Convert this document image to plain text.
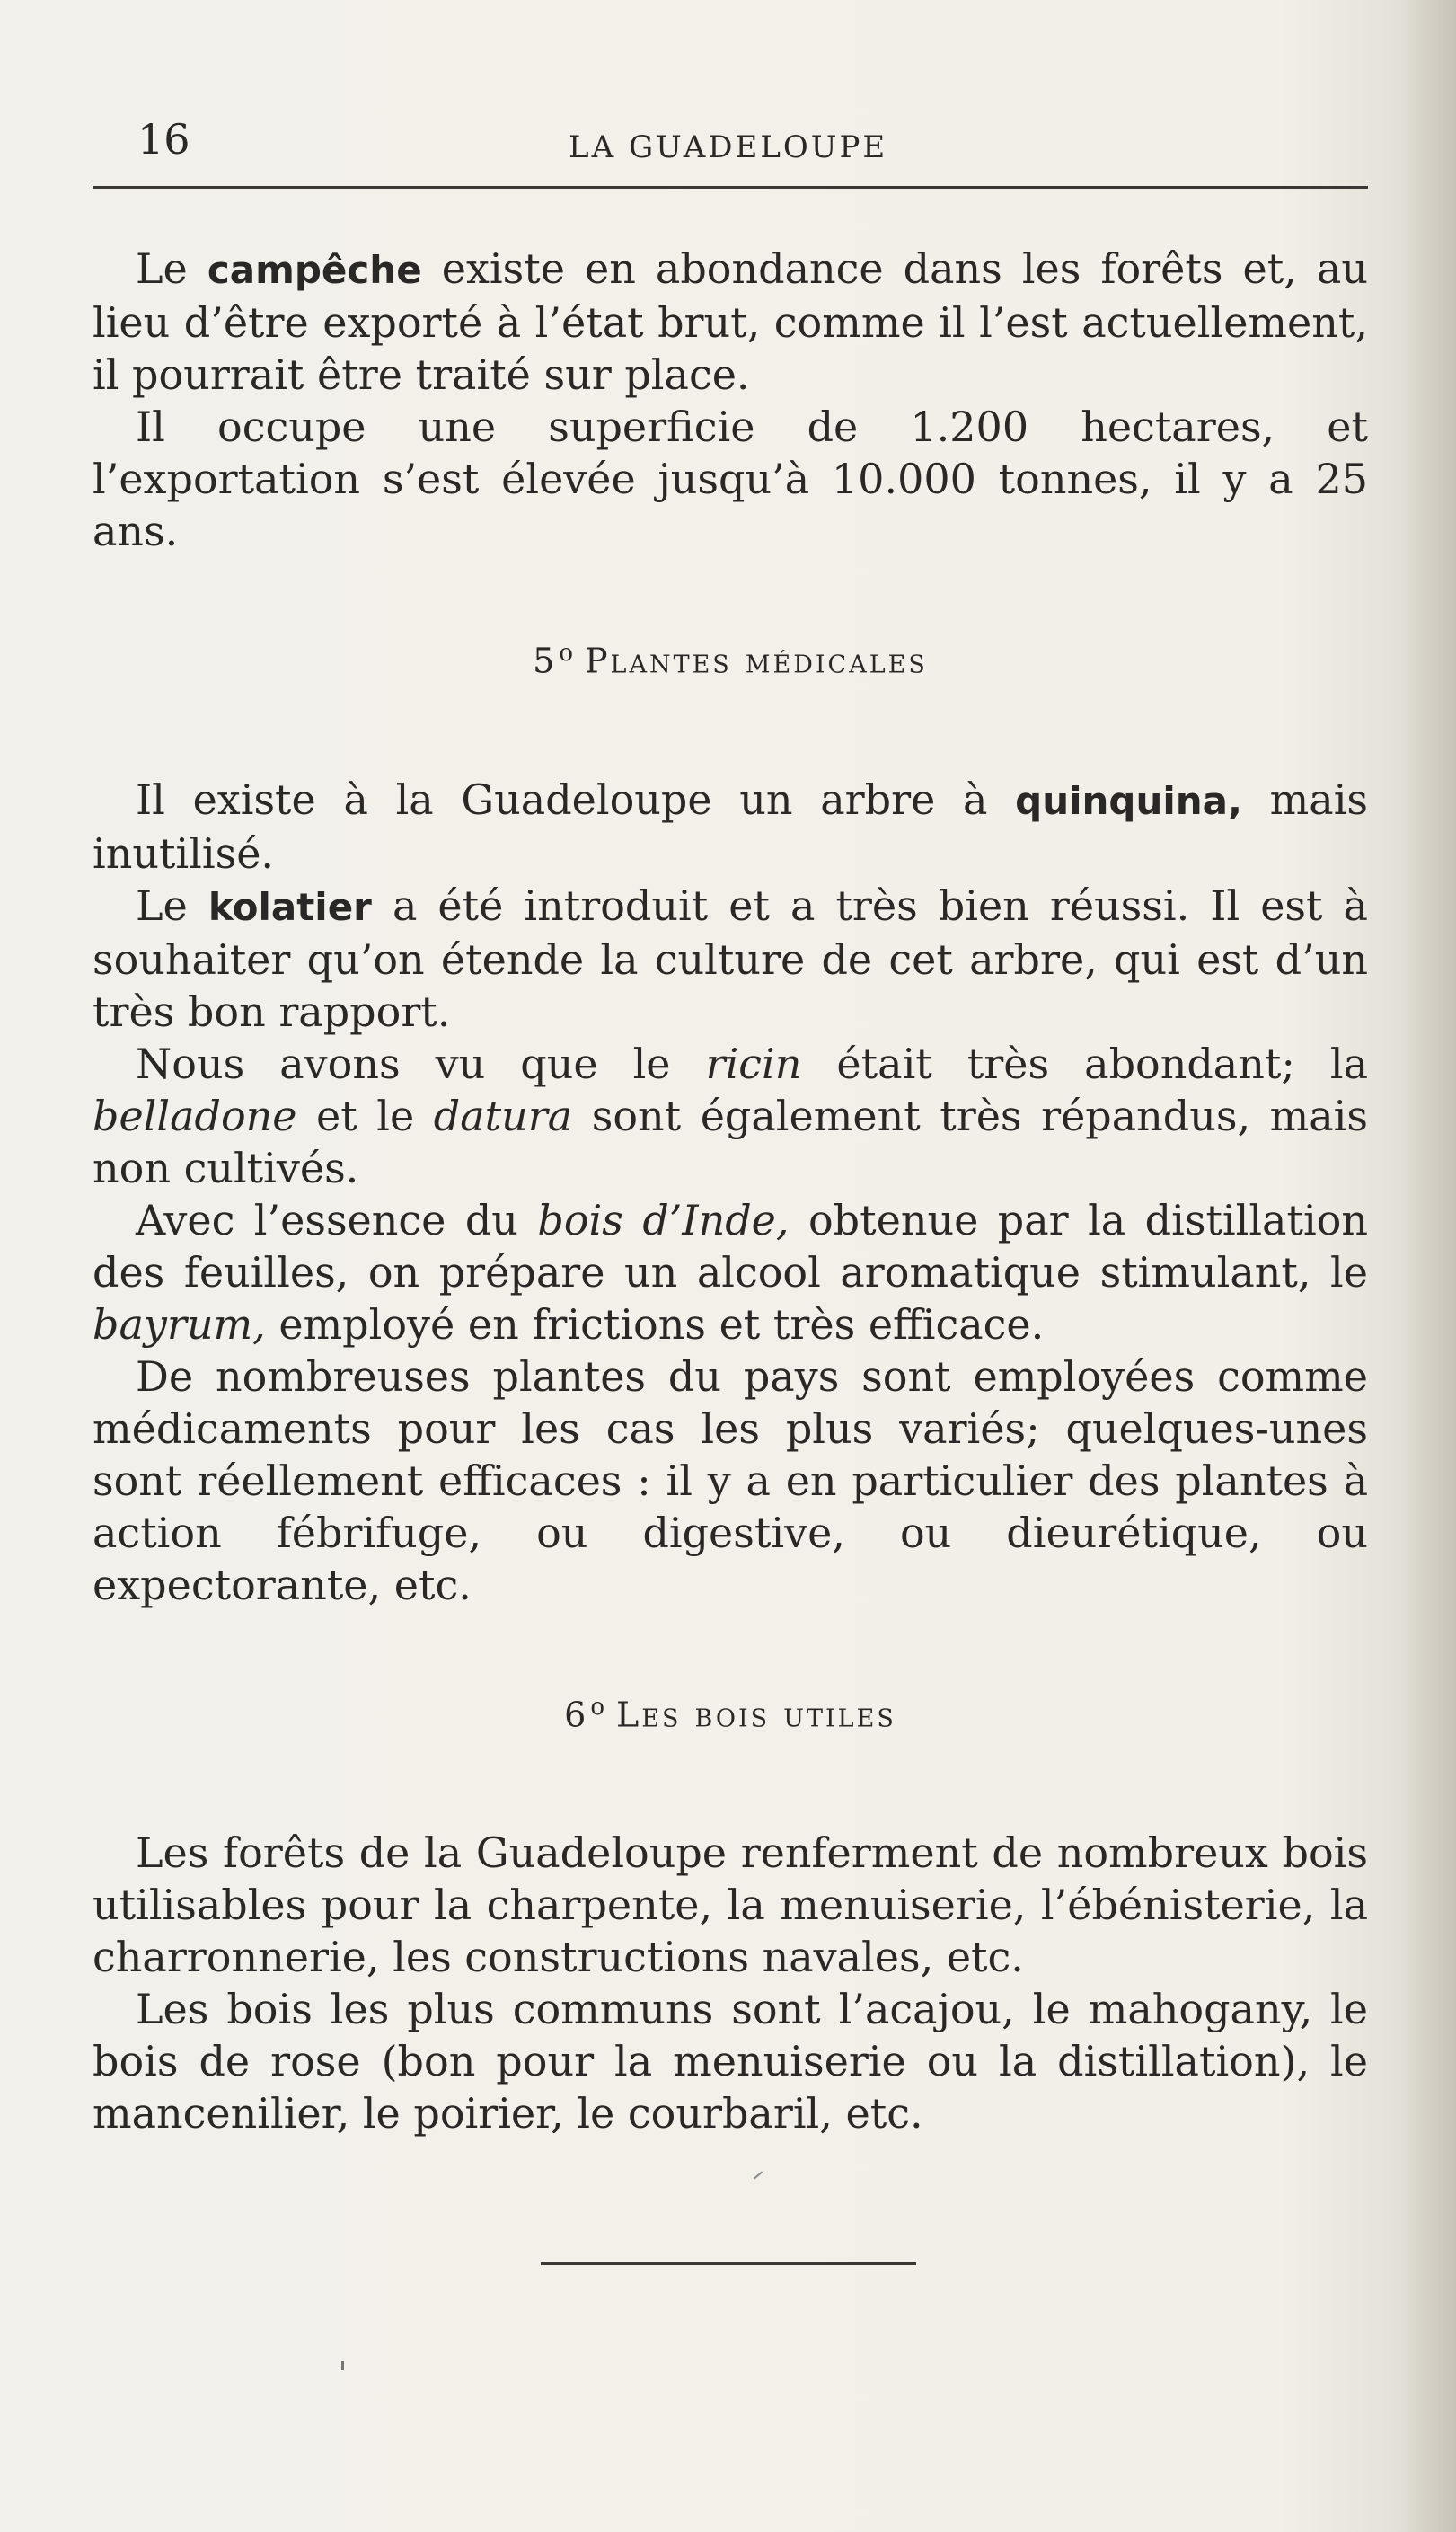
16	LA GUADELOUPE

Le campêche existe en abondance dans les forêts et, au lieu d’être exporté à l’état brut, comme il l’est actuellement, il pourrait être traité sur place.

Il occupe une superficie de 1.200 hectares, et l’exportation s’est élevée jusqu’à 10.000 tonnes, il y a 25 ans.

5$^o$ Plantes médicales

Il existe à la Guadeloupe un arbre à quinquina, mais inutilisé.

Le kolatier a été introduit et a très bien réussi. Il est à souhaiter qu’on étende la culture de cet arbre, qui est d’un très bon rapport.

Nous avons vu que le ricin était très abondant; la belladone et le datura sont également très répandus, mais non cultivés.

Avec l’essence du bois d’Inde, obtenue par la distillation des feuilles, on prépare un alcool aromatique stimulant, le bayrum, employé en frictions et très efficace.

De nombreuses plantes du pays sont employées comme médicaments pour les cas les plus variés; quelques-unes sont réellement efficaces : il y a en particulier des plantes à action fébrifuge, ou digestive, ou dieurétique, ou expectorante, etc.

6$^o$ Les bois utiles

Les forêts de la Guadeloupe renferment de nombreux bois utilisables pour la charpente, la menuiserie, l’ébénisterie, la charronnerie, les constructions navales, etc.

Les bois les plus communs sont l’acajou, le mahogany, le bois de rose (bon pour la menuiserie ou la distillation), le mancenilier, le poirier, le courbaril, etc.
